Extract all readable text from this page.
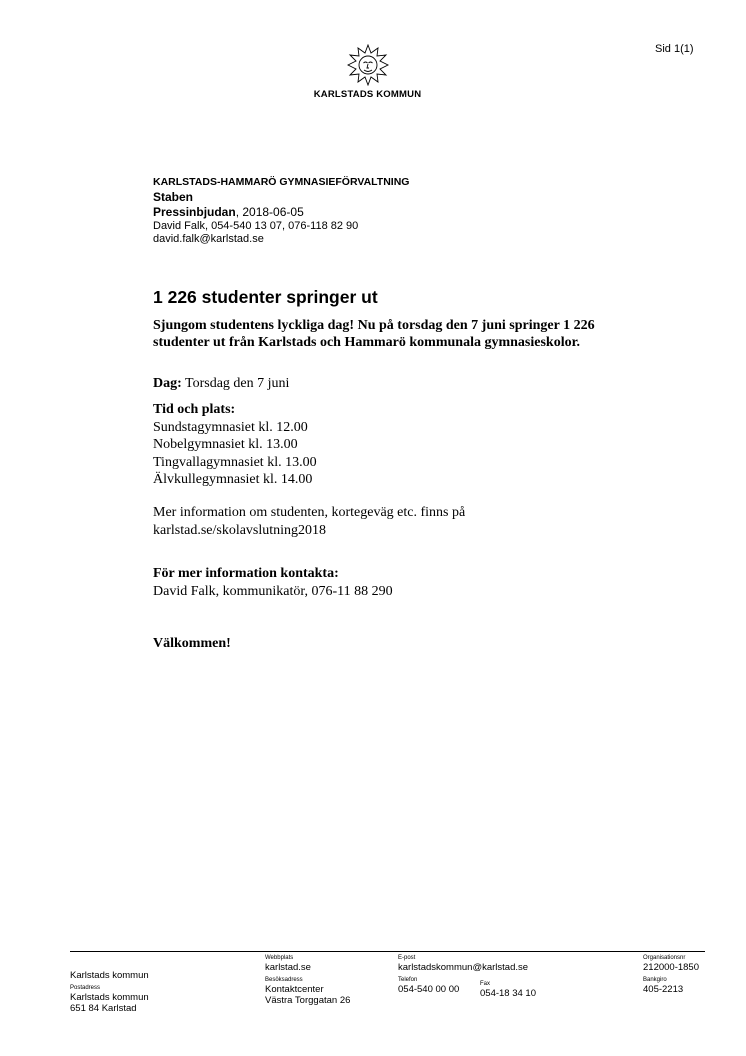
Sid 1(1)
KARLSTADS KOMMUN
KARLSTADS-HAMMARÖ GYMNASIEFÖRVALTNING
Staben
Pressinbjudan, 2018-06-05
David Falk, 054-540 13 07, 076-118 82 90
david.falk@karlstad.se
1 226 studenter springer ut

Sjungom studentens lyckliga dag! Nu på torsdag den 7 juni springer 1 226 studenter ut från Karlstads och Hammarö kommunala gymnasieskolor.

Dag: Torsdag den 7 juni

Tid och plats:
Sundstagymnasiet kl. 12.00
Nobelgymnasiet kl. 13.00
Tingvallagymnasiet kl. 13.00
Älvkullegymnasiet kl. 14.00

Mer information om studenten, kortegeväg etc. finns på karlstad.se/skolavslutning2018

För mer information kontakta:
David Falk, kommunikatör, 076-11 88 290
Välkommen!
Karlstads kommun
Postadress
Karlstads kommun
651 84 Karlstad
Webbplats
karlstad.se
Besöksadress
Kontaktcenter
Västra Torggatan 26
E-post
karlstadskommun@karlstad.se
Telefon
054-540 00 00	Fax
054-18 34 10
Organisationsnr
212000-1850
Bankgiro
405-2213
